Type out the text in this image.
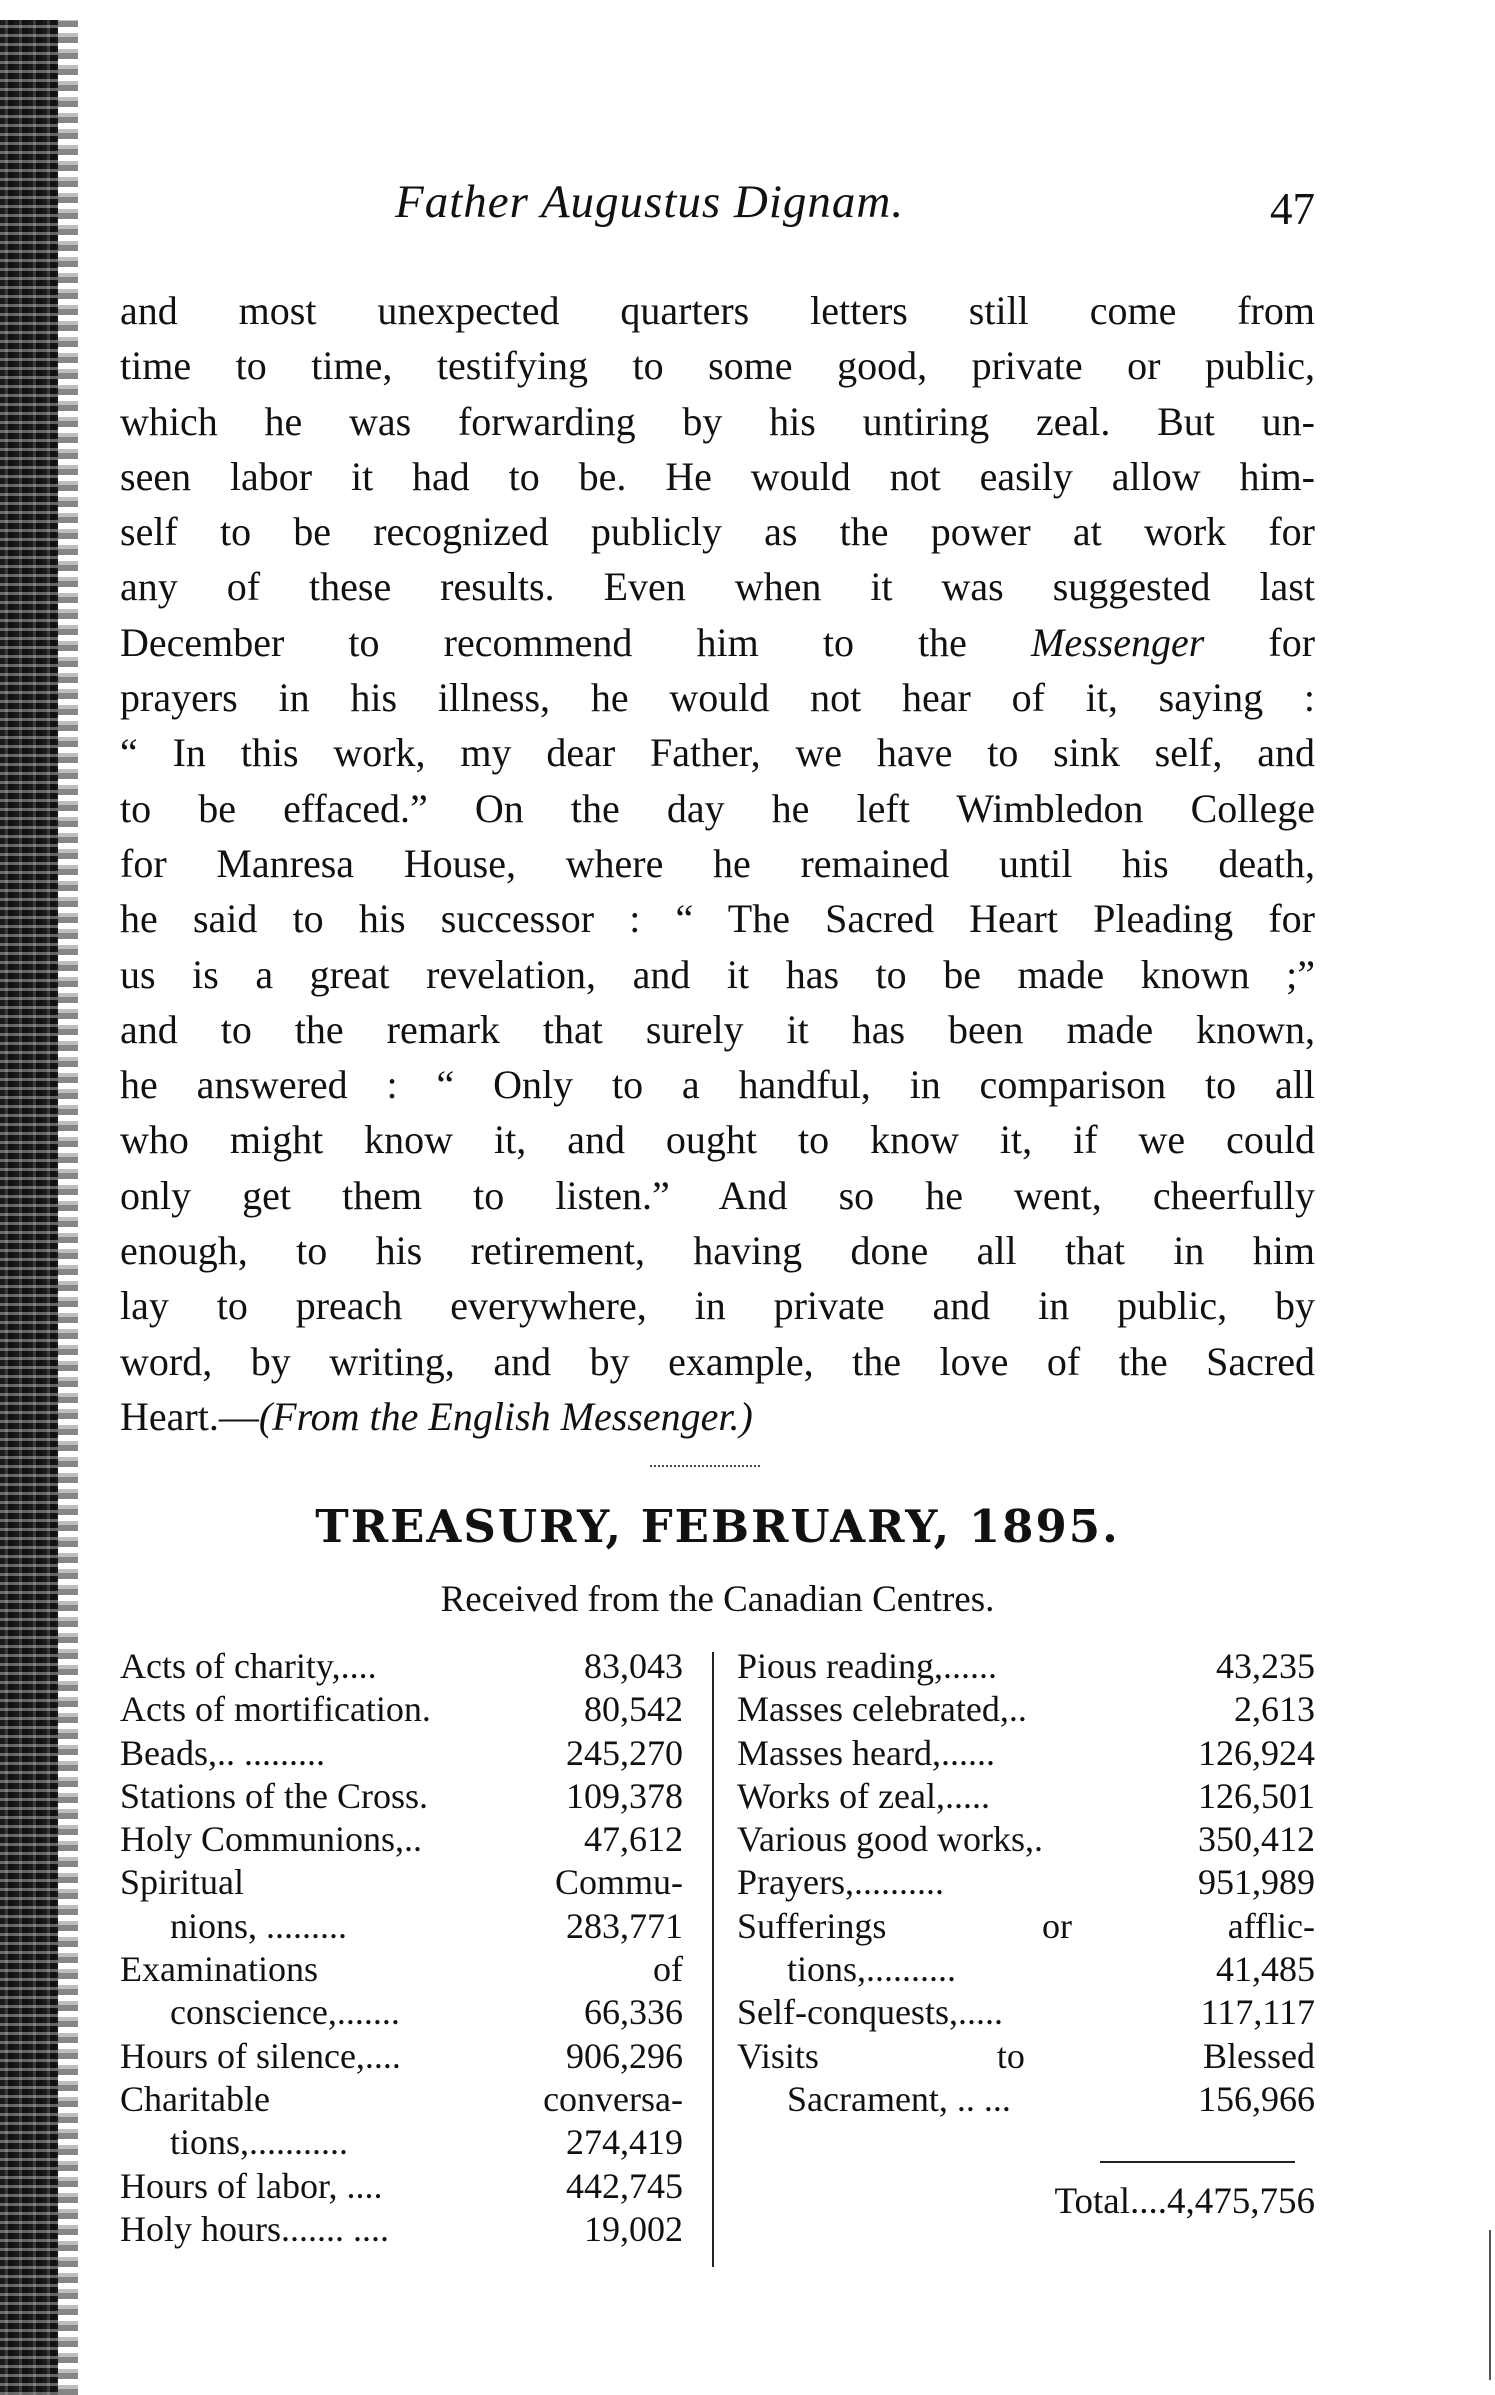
Father Augustus Dignam.	47
and most unexpected quarters letters still come from
time to time, testifying to some good, private or public,
which he was forwarding by his untiring zeal. But un-
seen labor it had to be. He would not easily allow him-
self to be recognized publicly as the power at work for
any of these results. Even when it was suggested last
December to recommend him to the Messenger for
prayers in his illness, he would not hear of it, saying :
“ In this work, my dear Father, we have to sink self, and
to be effaced.” On the day he left Wimbledon College
for Manresa House, where he remained until his death,
he said to his successor : “ The Sacred Heart Pleading for
us is a great revelation, and it has to be made known ;”
and to the remark that surely it has been made known,
he answered : “ Only to a handful, in comparison to all
who might know it, and ought to know it, if we could
only get them to listen.” And so he went, cheerfully
enough, to his retirement, having done all that in him
lay to preach everywhere, in private and in public, by
word, by writing, and by example, the love of the Sacred
Heart.—(From the English Messenger.)
TREASURY, FEBRUARY, 1895.
Received from the Canadian Centres.
Acts of charity,....	83,043
Acts of mortification.	80,542
Beads,.. .........	245,270
Stations of the Cross.	109,378
Holy Communions,..	47,612
Spiritual Commu-
nions, .........	283,771
Examinations of
conscience,.......	66,336
Hours of silence,....	906,296
Charitable conversa-
tions,...........	274,419
Hours of labor, ....	442,745
Holy hours....... ....	19,002
Pious reading,......	43,235
Masses celebrated,..	2,613
Masses heard,......	126,924
Works of zeal,.....	126,501
Various good works,.	350,412
Prayers,..........	951,989
Sufferings or afflic-
tions,..........	41,485
Self-conquests,.....	117,117
Visits to Blessed
Sacrament, .. ...	156,966
Total....4,475,756
